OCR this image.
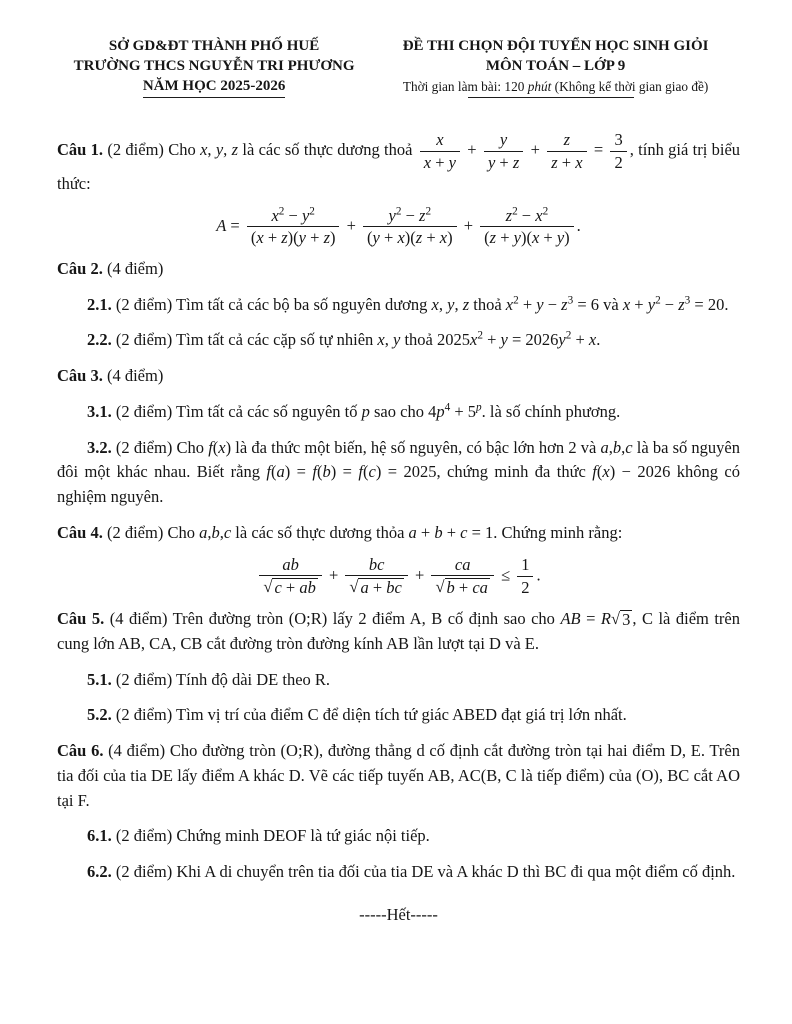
SỞ GD&ĐT THÀNH PHỐ HUẾ
TRƯỜNG THCS NGUYỄN TRI PHƯƠNG
NĂM HỌC 2025-2026
ĐỀ THI CHỌN ĐỘI TUYỂN HỌC SINH GIỎI
MÔN TOÁN – LỚP 9
Thời gian làm bài: 120 phút (Không kể thời gian giao đề)

Câu 1. (2 điểm) Cho x, y, z là các số thực dương thoả $\frac{x}{x + y} + \frac{y}{y + z} + \frac{z}{z + x} = \frac{3}{2}$ , tính giá trị biểu thức:

$A = \frac{x^2 - y^2}{(x + z)(y + z)} + \frac{y^2 - z^2}{(y + x)(z + x)} + \frac{z^2 - x^2}{(z + y)(x + y)}$ .

Câu 2. (4 điểm)

2.1. (2 điểm) Tìm tất cả các bộ ba số nguyên dương x, y, z thoả $x^2 + y - z^3 = 6$ và $x + y^2 - z^3 = 20$.

2.2. (2 điểm) Tìm tất cả các cặp số tự nhiên x, y thoả $2025x^2 + y = 2026y^2 + x$.

Câu 3. (4 điểm)

3.1. (2 điểm) Tìm tất cả các số nguyên tố p sao cho $4p^4 + 5^p$. là số chính phương.

3.2. (2 điểm) Cho f(x) là đa thức một biến, hệ số nguyên, có bậc lớn hơn 2 và a,b,c là ba số nguyên đôi một khác nhau. Biết rằng f(a) = f(b) = f(c) = 2025, chứng minh đa thức f(x) − 2026 không có nghiệm nguyên.

Câu 4. (2 điểm) Cho a,b,c là các số thực dương thỏa a + b + c = 1. Chứng minh rằng:

$\frac{ab}{√ c + ab} + \frac{bc}{√ a + bc} + \frac{ca}{√ b + ca} \le \frac{1}{2}$ .

Câu 5. (4 điểm) Trên đường tròn (O;R) lấy 2 điểm A, B cố định sao cho AB = R √ 3 , C là điểm trên cung lớn AB, CA, CB cắt đường tròn đường kính AB lần lượt tại D và E.

5.1. (2 điểm) Tính độ dài DE theo R.

5.2. (2 điểm) Tìm vị trí của điểm C để diện tích tứ giác ABED đạt giá trị lớn nhất.

Câu 6. (4 điểm) Cho đường tròn (O;R), đường thẳng d cố định cắt đường tròn tại hai điểm D, E. Trên tia đối của tia DE lấy điểm A khác D. Vẽ các tiếp tuyến AB, AC(B, C là tiếp điểm) của (O), BC cắt AO tại F.

6.1. (2 điểm) Chứng minh DEOF là tứ giác nội tiếp.

6.2. (2 điểm) Khi A di chuyển trên tia đối của tia DE và A khác D thì BC đi qua một điểm cố định.

-----Hết-----
